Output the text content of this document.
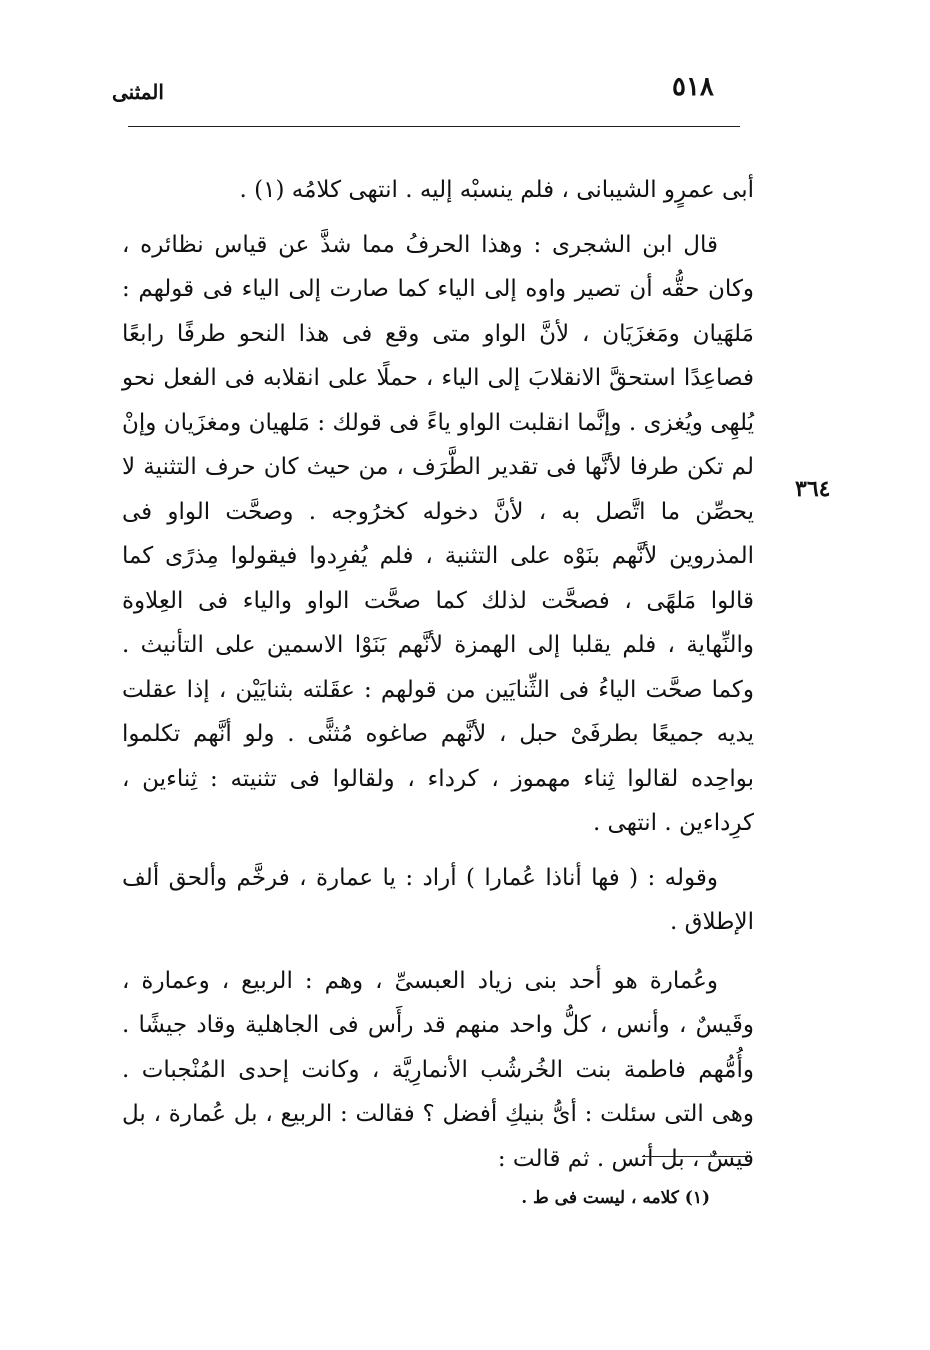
٥١٨
المثنى
٣٦٤

أبى عمرٍو الشيبانى ، فلم ينسبْه إليه . انتهى كلامُه (١) .

قال ابن الشجرى : وهذا الحرفُ مما شذَّ عن قياس نظائره ، وكان حقُّه أن تصير واوه إلى الياء كما صارت إلى الياء فى قولهم : مَلهَيان ومَغزَيَان ، لأنَّ الواو متى وقع فى هذا النحو طرفًا رابعًا فصاعِدًا استحقَّ الانقلابَ إلى الياء ، حملًا على انقلابه فى الفعل نحو يُلهِى ويُغزى . وإنَّما انقلبت الواو ياءً فى قولك : مَلهيان ومغزَيان وإنْ لم تكن طرفا لأنَّها فى تقدير الطَّرَف ، من حيث كان حرف التثنية لا يحصِّن ما اتَّصل به ، لأنَّ دخوله كخرُوجه . وصحَّت الواو فى المذروين لأنَّهم بنَوْه على التثنية ، فلم يُفرِدوا فيقولوا مِذرًى كما قالوا مَلهًى ، فصحَّت لذلك كما صحَّت الواو والياء فى العِلاوة والنِّهاية ، فلم يقلبا إلى الهمزة لأنَّهم بَنَوْا الاسمين على التأنيث . وكما صحَّت الياءُ فى الثِّنايَين من قولهم : عقَلته بثنايَيْن ، إذا عقلت يديه جميعًا بطرفَىْ حبل ، لأنَّهم صاغوه مُثنًّى . ولو أنَّهم تكلموا بواحِده لقالوا ثِناء مهموز ، كرداء ، ولقالوا فى تثنيته : ثِناءين ، كرِداءين . انتهى .

وقوله : ( فها أناذا عُمارا ) أراد : يا عمارة ، فرخَّم وألحق ألف الإطلاق .

وعُمارة هو أحد بنى زياد العبسىِّ ، وهم : الربيع ، وعمارة ، وقَيسٌ ، وأنس ، كلُّ واحد منهم قد رأَس فى الجاهلية وقاد جيشًا . وأُمُّهم فاطمة بنت الخُرشُب الأنمارِيَّة ، وكانت إحدى المُنْجبات . وهى التى سئلت : أىُّ بنيكِ أفضل ؟ فقالت : الربيع ، بل عُمارة ، بل قيسٌ ، بل أنس . ثم قالت :

(١) كلامه ، ليست فى ط .
